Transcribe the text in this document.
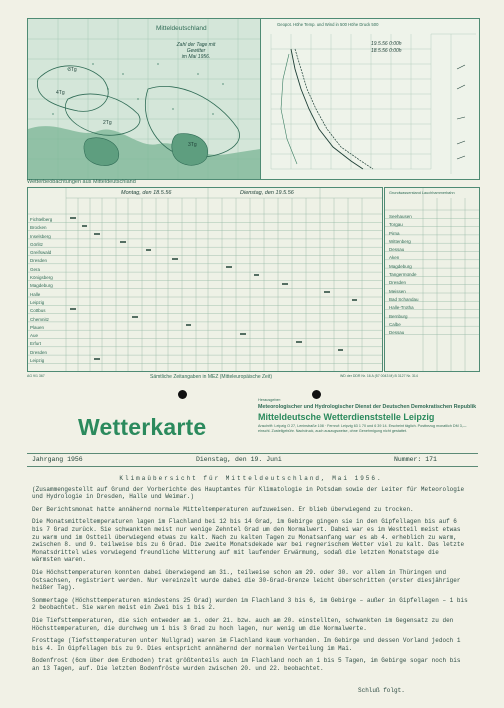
3Tg
4Tg
2Tg
3Tg
Mitteldeutschland
Zahl der Tage mit Gewitter
im Mai 1956.
Geopot. Höhe Temp. und Wind in 500 Höhe Druck 500
19.5.56 0:00h
18.5.56 0:00h
Wetterbeobachtungen aus Mitteldeutschland
Montag, den 18.5.56	Dienstag, den 19.5.56
Fichtelberg
Brocken
Inselsberg
Görlitz
Greifswald
Dresden
Gera
Königsberg
Magdeburg
Halle
Leipzig
Cottbus
Chemnitz
Plauen
Aue
Erfurt
Dresden
Leipzig
Grundwasserstand Lauchhammerbahn
Seehausen
Torgau
Pirna
Wittenberg
Dessau
Aken
Magdeburg
Tangermünde
Dresden
Meissen
Bad Schandau
Halle-Trotha
Bernburg
Calbe
Dessau
AG 9/1 367	Sämtliche Zeitangaben in MEZ (Mitteleuropäische Zeit)	WD der DDR Nr. 16 A (57 0043 M) B 3127 Nr. 314
Wetterkarte
Herausgeber:
Meteorologischer und Hydrologischer Dienst der Deutschen Demokratischen Republik
Mitteldeutsche Wetterdienststelle Leipzig
Anschrift: Leipzig O 27, Leninstraße 108 · Fernruf: Leipzig 63 1 70 und 6 39 14. Erscheint täglich. Postbezug monatlich DM 3,— einschl. Zustellgebühr. Nachdruck, auch auszugsweise, ohne Genehmigung nicht gestattet.
Jahrgang 1956	Dienstag, den 19. Juni	Nummer: 171

Klimaübersicht für Mitteldeutschland, Mai 1956.

(Zusammengestellt auf Grund der Vorberichte des Hauptamtes für Klimatologie in Potsdam sowie der Leiter für Meteorologie und Hydrologie in Dresden, Halle und Weimar.)

Der Berichtsmonat hatte annähernd normale Mitteltemperaturen aufzuweisen. Er blieb überwiegend zu trocken.

Die Monatsmitteltemperaturen lagen im Flachland bei 12 bis 14 Grad, im Gebirge gingen sie in den Gipfellagen bis auf 6 bis 7 Grad zurück. Sie schwankten meist nur wenige Zehntel Grad um den Normalwert. Dabei war es im Westteil meist etwas zu warm und im Ostteil überwiegend etwas zu kalt. Nach zu kalten Tagen zu Monatsanfang war es ab 4. erheblich zu warm, zwischen 8. und 9. teilweise bis zu 6 Grad. Die zweite Monatsdekade war bei regnerischem Wetter viel zu kalt. Das letzte Monatsdrittel wies vorwiegend freundliche Witterung auf mit laufender Erwärmung, sodaß die letzten Monatstage die wärmsten waren.

Die Höchsttemperaturen konnten dabei überwiegend am 31., teilweise schon am 29. oder 30. vor allem in Thüringen und Ostsachsen, registriert werden. Nur vereinzelt wurde dabei die 30-Grad-Grenze leicht überschritten (erster diesjähriger heißer Tag).

Sommertage (Höchsttemperaturen mindestens 25 Grad) wurden im Flachland 3 bis 6, im Gebirge – außer in Gipfellagen – 1 bis 2 beobachtet. Sie waren meist ein Zwei bis 1 bis 2.

Die Tiefsttemperaturen, die sich entweder am 1. oder 21. bzw. auch am 20. einstellten, schwankten im Gegensatz zu den Höchsttemperaturen, die durchweg um 1 bis 3 Grad zu hoch lagen, nur wenig um die Normalwerte.

Frosttage (Tiefsttemperaturen unter Nullgrad) waren im Flachland kaum vorhanden. Im Gebirge und dessen Vorland jedoch 1 bis 4. In Gipfellagen bis zu 9. Dies entspricht annähernd der normalen Verteilung im Mai.

Bodenfrost (6cm über dem Erdboden) trat größtenteils auch im Flachland noch an 1 bis 5 Tagen, im Gebirge sogar noch bis an 13 Tagen, auf. Die letzten Bodenfröste wurden zwischen 20. und 22. beobachtet.

Schluß folgt.
